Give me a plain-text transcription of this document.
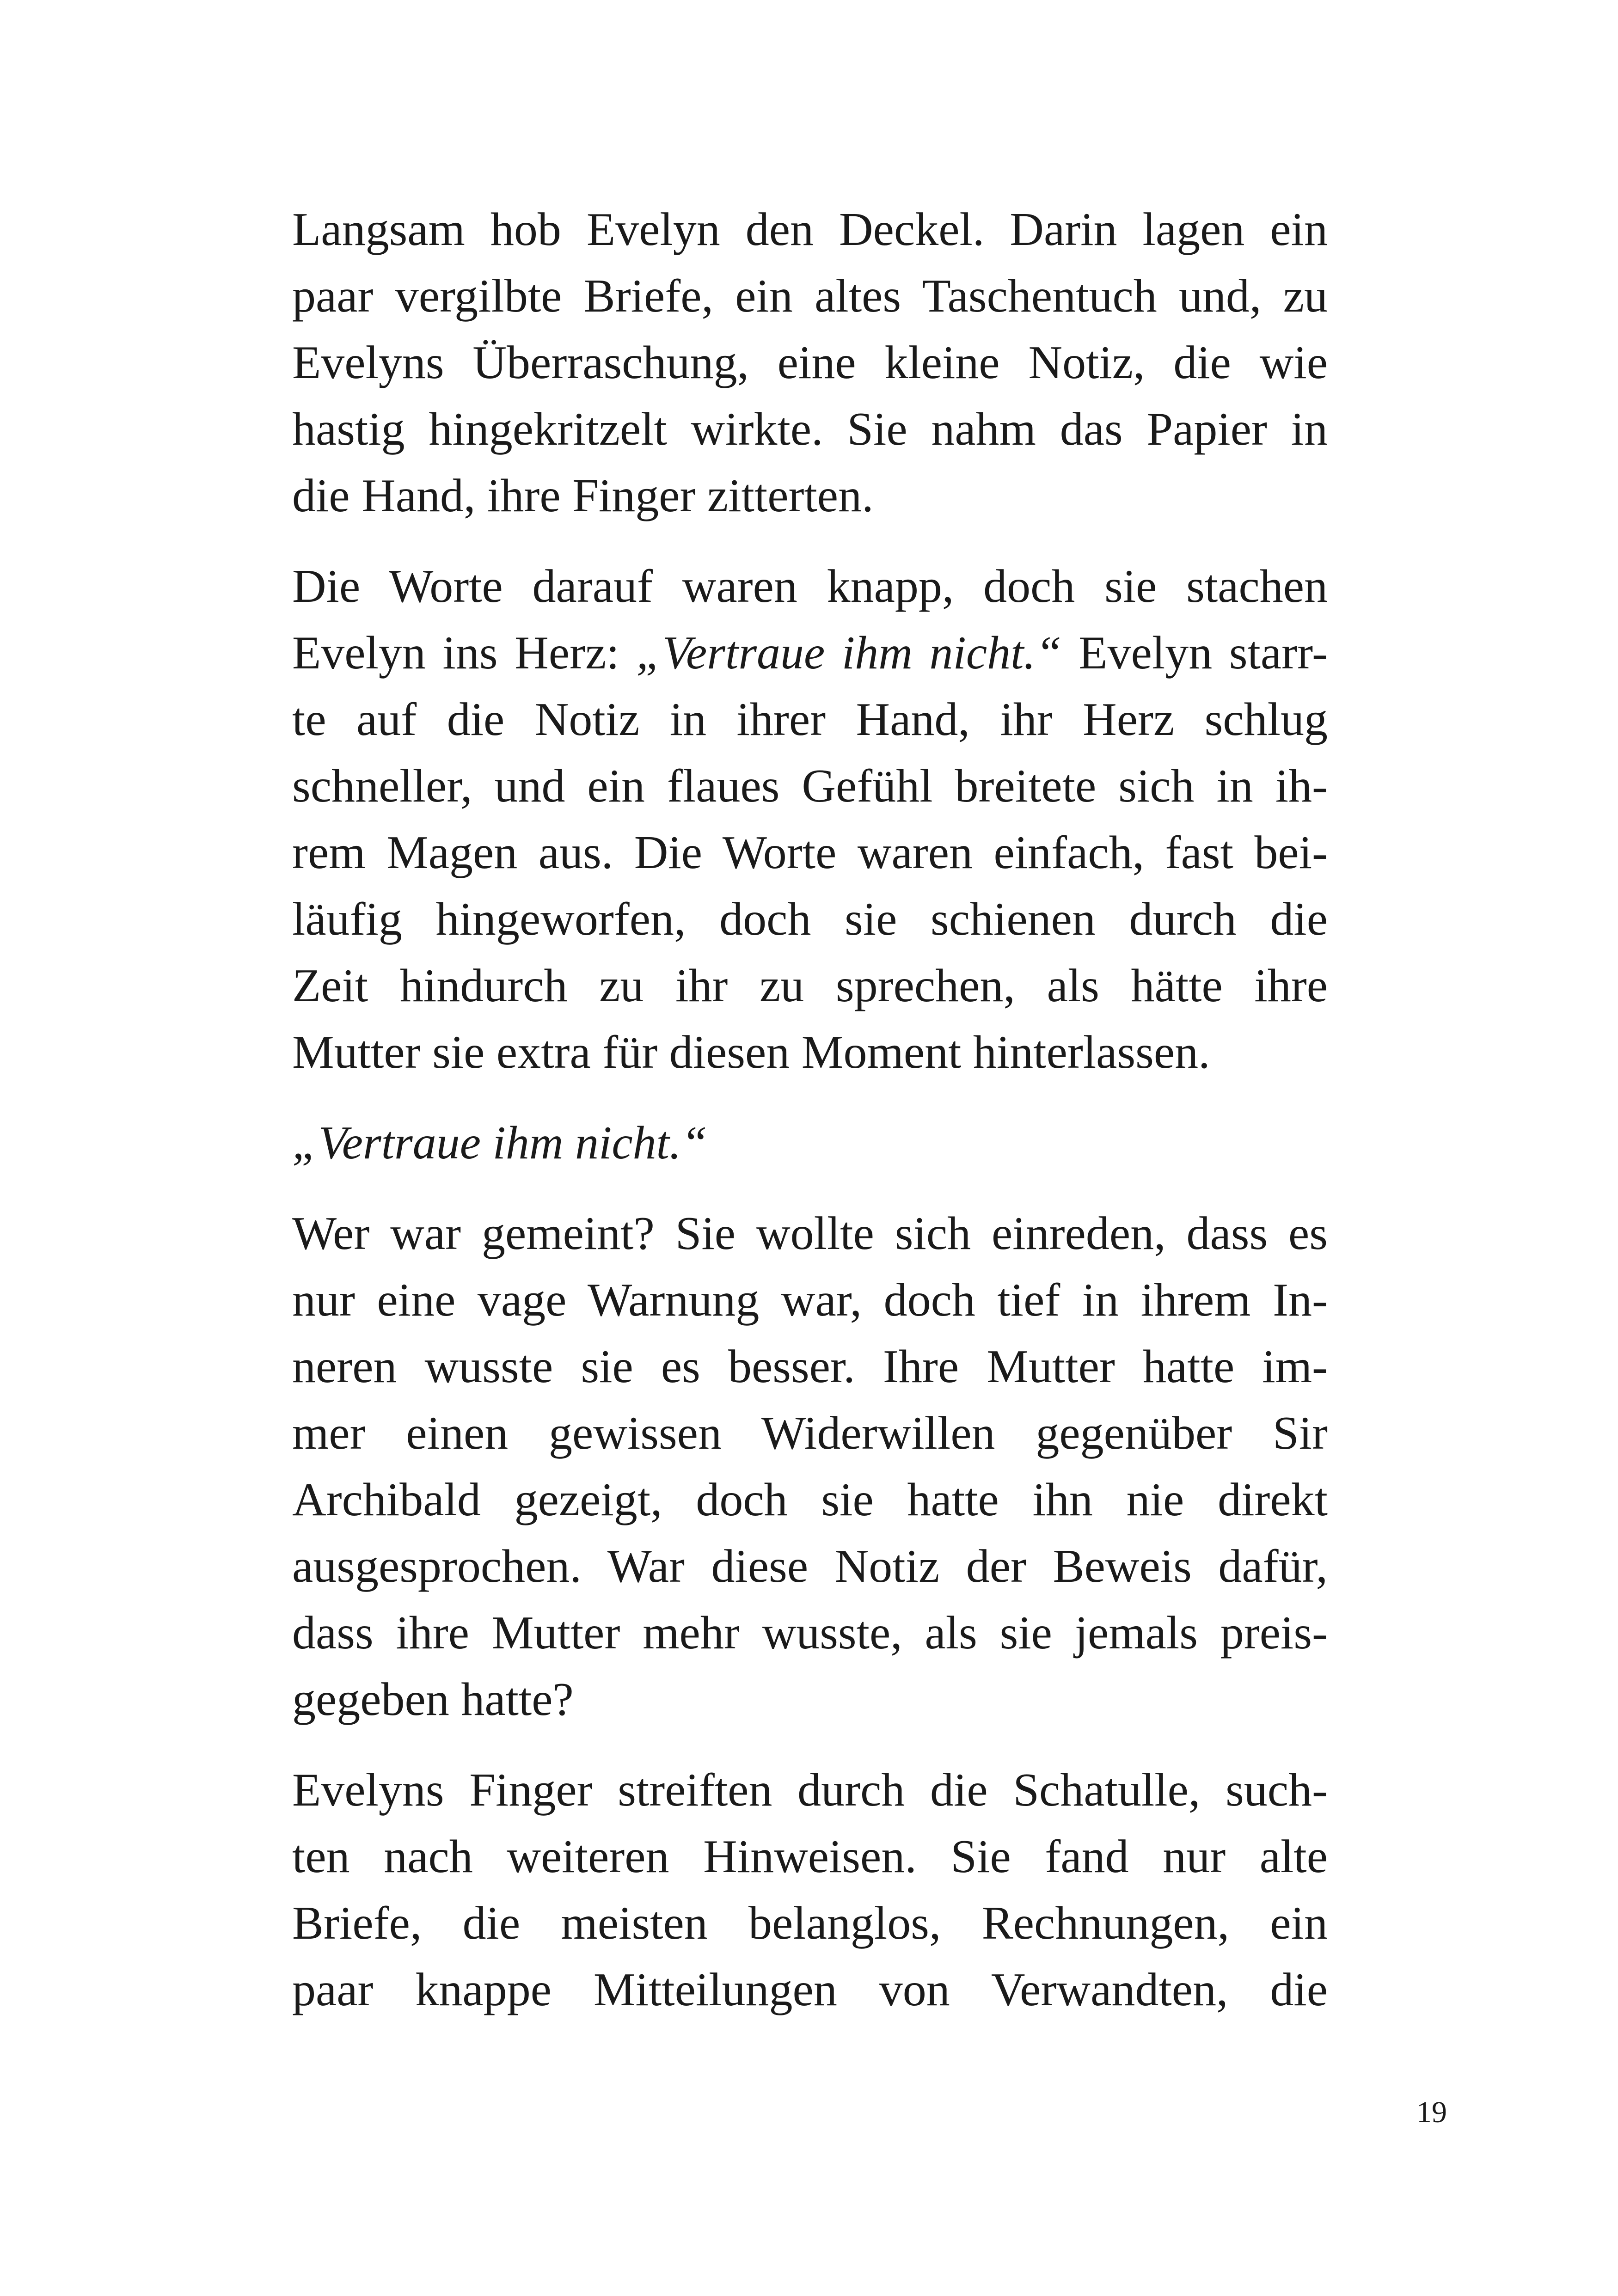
Langsam hob Evelyn den Deckel. Darin lagen ein
paar vergilbte Briefe, ein altes Taschentuch und, zu
Evelyns Überraschung, eine kleine Notiz, die wie
hastig hingekritzelt wirkte. Sie nahm das Papier in
die Hand, ihre Finger zitterten.
Die Worte darauf waren knapp, doch sie stachen
Evelyn ins Herz: „Vertraue ihm nicht.“ Evelyn starr-
te auf die Notiz in ihrer Hand, ihr Herz schlug
schneller, und ein flaues Gefühl breitete sich in ih-
rem Magen aus. Die Worte waren einfach, fast bei-
läufig hingeworfen, doch sie schienen durch die
Zeit hindurch zu ihr zu sprechen, als hätte ihre
Mutter sie extra für diesen Moment hinterlassen.
„Vertraue ihm nicht.“
Wer war gemeint? Sie wollte sich einreden, dass es
nur eine vage Warnung war, doch tief in ihrem In-
neren wusste sie es besser. Ihre Mutter hatte im-
mer einen gewissen Widerwillen gegenüber Sir
Archibald gezeigt, doch sie hatte ihn nie direkt
ausgesprochen. War diese Notiz der Beweis dafür,
dass ihre Mutter mehr wusste, als sie jemals preis-
gegeben hatte?
Evelyns Finger streiften durch die Schatulle, such-
ten nach weiteren Hinweisen. Sie fand nur alte
Briefe, die meisten belanglos, Rechnungen, ein
paar knappe Mitteilungen von Verwandten, die
19
